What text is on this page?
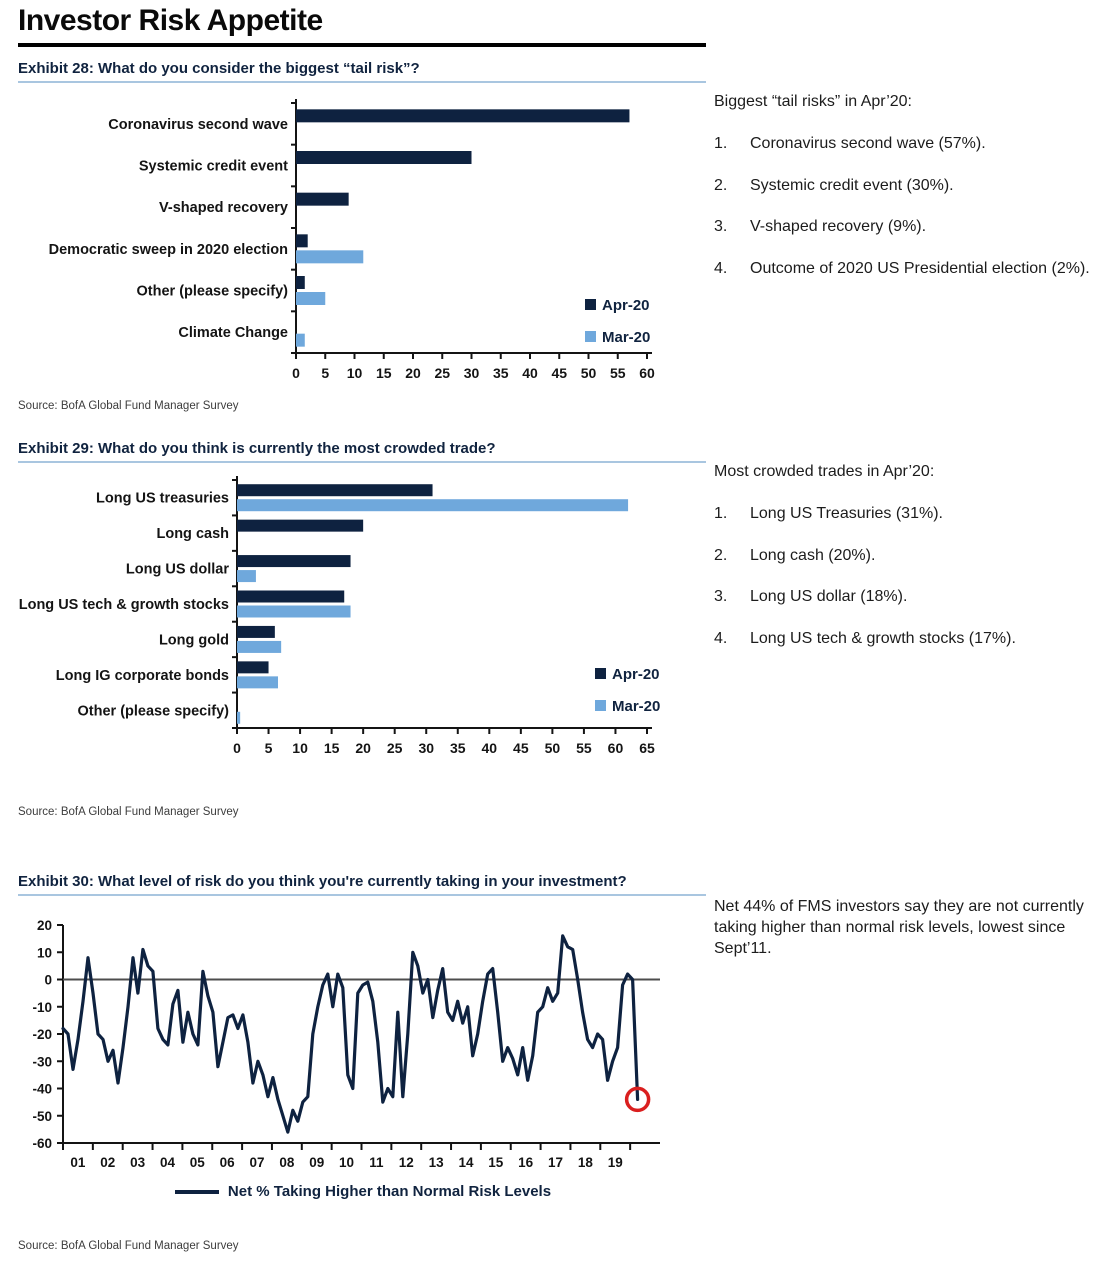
Investor Risk Appetite
Exhibit 28: What do you consider the biggest “tail risk”?
0 5 10 15 20 25 30 35 40 45 50 55 60
Coronavirus second wave
Systemic credit event
V-shaped recovery
Democratic sweep in 2020 election
Other (please specify)
Climate Change
Apr-20
Mar-20
Source: BofA Global Fund Manager Survey

Biggest “tail risks” in Apr’20:

1.	Coronavirus second wave (57%).
2.	Systemic credit event (30%).
3.	V-shaped recovery (9%).
4.	Outcome of 2020 US Presidential election (2%).
Exhibit 29: What do you think is currently the most crowded trade?
0 5 10 15 20 25 30 35 40 45 50 55 60 65
Long US treasuries
Long cash
Long US dollar
Long US tech & growth stocks
Long gold
Long IG corporate bonds
Other (please specify)
Apr-20
Mar-20
Source: BofA Global Fund Manager Survey

Most crowded trades in Apr’20:

1.	Long US Treasuries (31%).
2.	Long cash (20%).
3.	Long US dollar (18%).
4.	Long US tech & growth stocks (17%).
Exhibit 30: What level of risk do you think you're currently taking in your investment?
20
10
0
-10
-20
-30
-40
-50
-60
01 02 03 04 05 06 07 08 09 10 11 12 13 14 15 16 17 18 19
Net % Taking Higher than Normal Risk Levels
Source: BofA Global Fund Manager Survey

Net 44% of FMS investors say they are not currently taking higher than normal risk levels, lowest since Sept’11.
